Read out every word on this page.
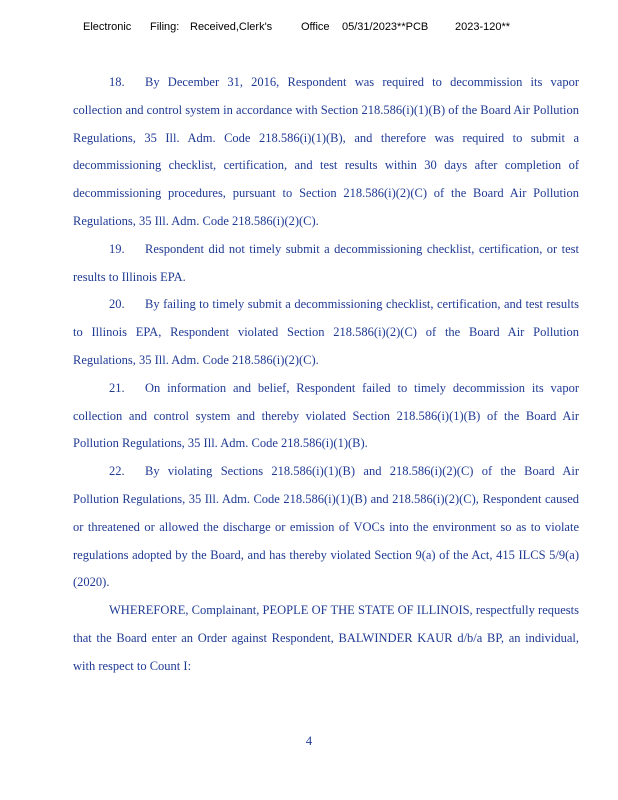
Electronic Filing: Received,Clerk's	Office 05/31/2023**PCB 2023-120**

18. By December 31, 2016, Respondent was required to decommission its vapor collection and control system in accordance with Section 218.586(i)(1)(B) of the Board Air Pollution Regulations, 35 Ill. Adm. Code 218.586(i)(1)(B), and therefore was required to submit a decommissioning checklist, certification, and test results within 30 days after completion of decommissioning procedures, pursuant to Section 218.586(i)(2)(C) of the Board Air Pollution Regulations, 35 Ill. Adm. Code 218.586(i)(2)(C).

19. Respondent did not timely submit a decommissioning checklist, certification, or test results to Illinois EPA.

20. By failing to timely submit a decommissioning checklist, certification, and test results to Illinois EPA, Respondent violated Section 218.586(i)(2)(C) of the Board Air Pollution Regulations, 35 Ill. Adm. Code 218.586(i)(2)(C).

21. On information and belief, Respondent failed to timely decommission its vapor collection and control system and thereby violated Section 218.586(i)(1)(B) of the Board Air Pollution Regulations, 35 Ill. Adm. Code 218.586(i)(1)(B).

22. By violating Sections 218.586(i)(1)(B) and 218.586(i)(2)(C) of the Board Air Pollution Regulations, 35 Ill. Adm. Code 218.586(i)(1)(B) and 218.586(i)(2)(C), Respondent caused or threatened or allowed the discharge or emission of VOCs into the environment so as to violate regulations adopted by the Board, and has thereby violated Section 9(a) of the Act, 415 ILCS 5/9(a) (2020).

WHEREFORE, Complainant, PEOPLE OF THE STATE OF ILLINOIS, respectfully requests that the Board enter an Order against Respondent, BALWINDER KAUR d/b/a BP, an individual, with respect to Count I:

4
